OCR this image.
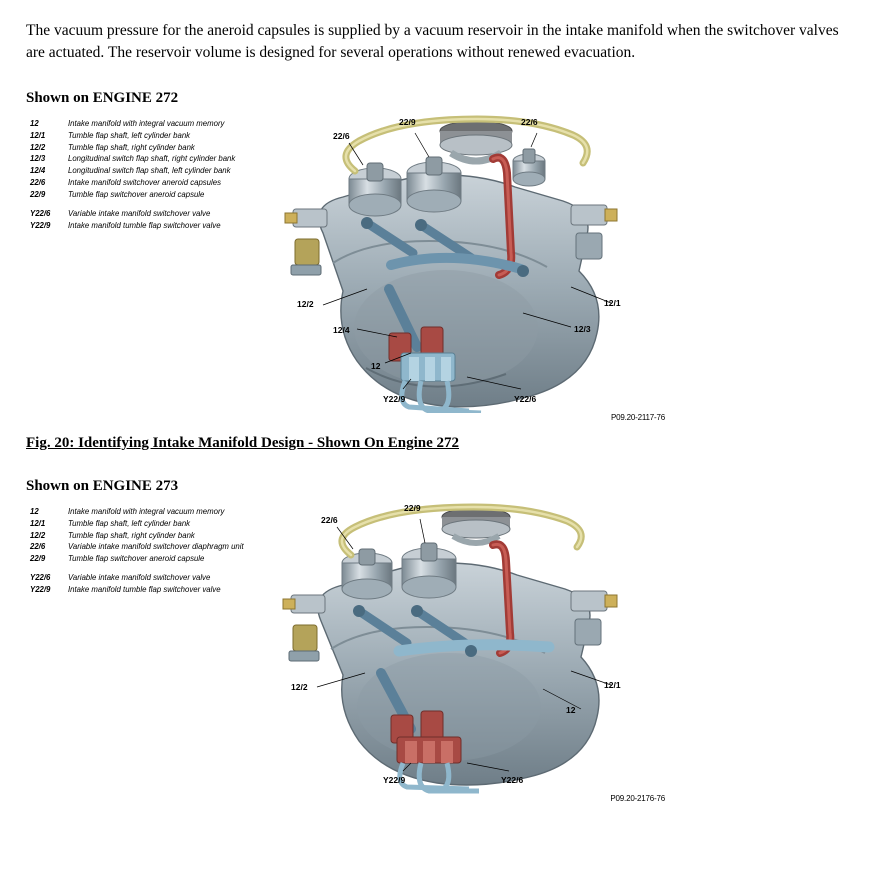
The vacuum pressure for the aneroid capsules is supplied by a vacuum reservoir in the intake manifold when the switchover valves are actuated. The reservoir volume is designed for several operations without renewed evacuation.

Shown on ENGINE 272
12	Intake manifold with integral vacuum memory
12/1	Tumble flap shaft, left cylinder bank
12/2	Tumble flap shaft, right cylinder bank
12/3	Longitudinal switch flap shaft, right cylinder bank
12/4	Longitudinal switch flap shaft, left cylinder bank
22/6	Intake manifold switchover aneroid capsules
22/9	Tumble flap switchover aneroid capsule
Y22/6	Variable intake manifold switchover valve
Y22/9	Intake manifold tumble flap switchover valve
22/6
22/9	22/6
12/2	12/1
12/4	12/3
12
Y22/9	Y22/6
P09.20-2117-76
Fig. 20: Identifying Intake Manifold Design - Shown On Engine 272
Shown on ENGINE 273
12	Intake manifold with integral vacuum memory
12/1	Tumble flap shaft, left cylinder bank
12/2	Tumble flap shaft, right cylinder bank
22/6	Variable intake manifold switchover diaphragm unit
22/9	Tumble flap switchover aneroid capsule
Y22/6	Variable intake manifold switchover valve
Y22/9	Intake manifold tumble flap switchover valve
22/6
22/9
12/2	12/1
12
Y22/9	Y22/6
P09.20-2176-76
